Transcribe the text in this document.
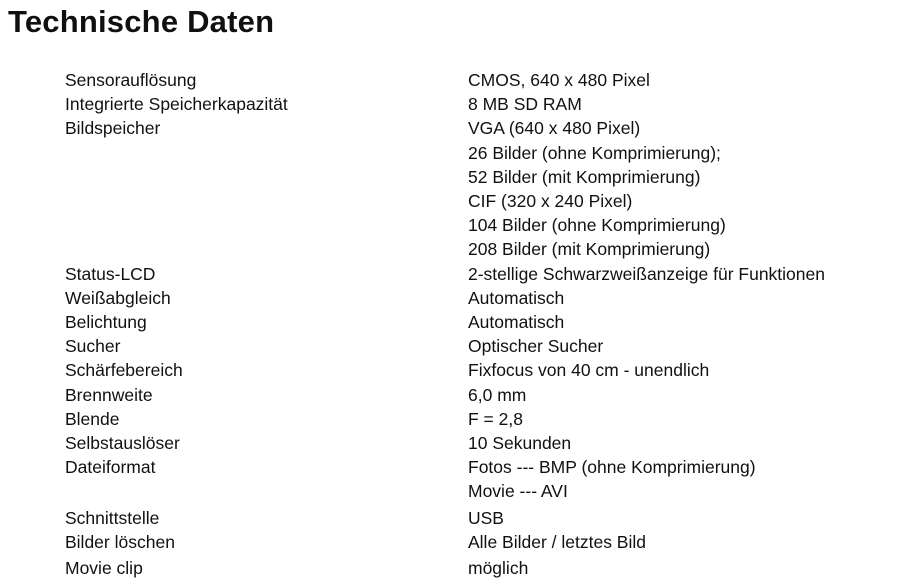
Technische Daten
Sensorauflösung	CMOS, 640 x 480 Pixel
Integrierte Speicherkapazität	8 MB SD RAM
Bildspeicher	VGA (640 x 480 Pixel)
26 Bilder (ohne Komprimierung);
52 Bilder (mit Komprimierung)
CIF (320 x 240 Pixel)
104 Bilder (ohne Komprimierung)
208 Bilder (mit Komprimierung)
Status-LCD	2-stellige Schwarzweißanzeige für Funktionen
Weißabgleich	Automatisch
Belichtung	Automatisch
Sucher	Optischer Sucher
Schärfebereich	Fixfocus von 40 cm - unendlich
Brennweite	6,0 mm
Blende	F = 2,8
Selbstauslöser	10 Sekunden
Dateiformat	Fotos --- BMP (ohne Komprimierung)
Movie --- AVI
Schnittstelle	USB
Bilder löschen	Alle Bilder / letztes Bild
Movie clip	möglich
